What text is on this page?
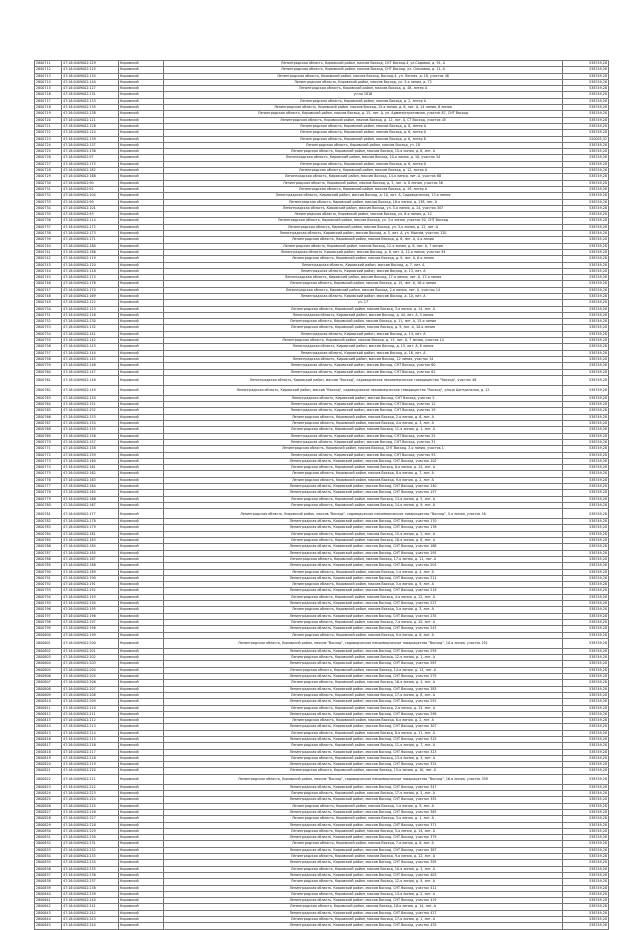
2800711	47:16:0409002:129	Кировский	Ленинградская область, Кировский район, массив Восход, СНТ Восход-4, ул.Садовая, д. 91, А	538749,28
2800712	47:16:0409002:125	Кировский	Ленинградская область, Кировский район, массив Восход, СНТ Восход, ул. Ольховая, д. 11, А	538749,28
2800713	47:16:0409002:134	Кировский	Ленинградская область, Кировский район, массив Восход, Восход-4, ул. Лесная, д. 18, участок 48	538749,28
2800714	47:16:0409002:140	Кировский	Ленинградская область, Кировский район, массив Восход, ул. 5-я линия, д. 72	538749,28
2800715	47:16:0409002:127	Кировский	Ленинградская область, Кировский район, массив Восход, д. 48, литер А	538749,28
2800716	47:16:0409002:131	Кировский	уч.по 1818	538749,28
2800717	47:16:0409002:133	Кировский	Ленинградская область, Кировский район, массив Восход, д. 2, литер А	538749,28
2800718	47:16:0409002:135	Кировский	Ленинградская область, Кировский район, массив Восход, 15-я линия, д. 6, лит. А, 14 линия, 6 линия	538749,28
2800719	47:16:0409002:138	Кировский	Ленинградская область, Кировский район, массив Восход, д. 15, лит. А, ул. Административная, участок 87, СНТ Восход	538749,28
2800720	47:16:0409002:121	Кировский	Ленинградская область, Кировский район, массив Восход, д. 12, лит. А, СТ Восход, участок 45	538749,28
2800721	47:16:0409002:128	Кировский	Ленинградская область, Кировский район, массив Восход, д. 8, литер А	538749,28
2800722	47:16:0409002:124	Кировский	Ленинградская область, Кировский район, массив Восход, д. 6, литер А	538749,28
2800723	47:16:0409002:139	Кировский	Ленинградская область, Кировский район, массив Восход, д. 6, литер Б	220035,32
2800724	47:16:0409002:137	Кировский	Ленинградская область, Кировский район, массив Восход, уч. 18	538749,28
2800725	47:16:0409002:136	Кировский	Ленинградская область, Кировский район, массив Восход, 15-я линия, д. 6, лит. А	538749,28
2800726	47:16:0409002:97	Кировский	Ленинградская область, Кировский район, массив Восход, 10-я линия, д. 10, участок 34	538749,28
2800727	47:16:0409002:175	Кировский	Ленинградская область, Кировский район, массив Восход, д. 6, литер А	538749,28
2800728	47:16:0409002:182	Кировский	Ленинградская область, Кировский район, массив Восход, д. 12, литер А	538749,28
2800729	47:16:0409002:168	Кировский	Ленинградская область, Кировский район, массив Восход, 14-я линия, лит. А, участок 68	538749,28
2800730	47:16:0409002:90	Кировский	Ленинградская область, Кировский район, массив Восход, д. 5, лит. А, 8 линия, участок 56	538749,28
2800731	47:16:0409002:92	Кировский	Ленинградская область, Кировский район, массив Восход, д. 19, литер А	538749,28
2800732	47:16:0409002:104	Кировский	Ленинградская область, Кировский район, массив Восход, д. 10, лит. А, Садоводческая, 13-я линия	538749,28
2800733	47:16:0409002:99	Кировский	Ленинградская область, Кировский район, массив Восход, 16-я линия, д. 138, лит. А	538749,28
2800734	47:16:0409002:101	Кировский	Ленинградская область, Кировский район, массив Восход, ул. 5-я линия, д. 14, участок 307	538749,28
2800735	47:16:0409002:93	Кировский	Ленинградская область, Кировский район, массив Восход, ул. 6-я линия, д. 12	538749,28
2800736	47:16:0409002:114	Кировский	Ленинградская область, Кировский район, массив Восход, ул. 3-я линия, участок 50, СНТ Восход	538749,28
2800737	47:16:0409002:172	Кировский	Ленинградская область, Кировский район, массив Восход, ул. 3-я линия, д. 12, лит. А	538749,28
2800738	47:16:0409002:173	Кировский	Ленинградская область, Кировский район, массив Восход, д. 5, лит. А, ул. Массив, участок 120	538749,28
2800739	47:16:0409002:171	Кировский	Ленинградская область, Кировский район, массив Восход, д. 6, лит. А, 4-я линия	538749,28
2800740	47:16:0409002:180	Кировский	Ленинградская область, Кировский район, массив Восход, 12-я линия, д. 6, лит. А, 7 линия	538749,28
2800741	47:16:0409002:186	Кировский	Ленинградская область, Кировский район, массив Восход, д. 8, лит. А, 12-я линия, участок 94	538749,28
2800742	47:16:0409002:119	Кировский	Ленинградская область, Кировский район, массив Восход, д. 9, лит. А, 6-я линия	538749,28
2800743	47:16:0409002:120	Кировский	Ленинградская область, Кировский район, массив Восход, д. 7, лит. А	538749,28
2800744	47:16:0409002:118	Кировский	Ленинградская область, Кировский район, массив Восход, д. 13, лит. А	538749,28
2800745	47:16:0409002:174	Кировский	Ленинградская область, Кировский район, массив Восход, 17-я линия, лит. А, 17-я линия	538749,28
2800746	47:16:0409002:176	Кировский	Ленинградская область, Кировский район, массив Восход, д. 15, лит. А, 16-я линия	538749,28
2800747	47:16:0409002:170	Кировский	Ленинградская область, Кировский район, массив Восход, 2-я линия, лит. А, участок 14	538749,28
2800748	47:16:0409002:169	Кировский	Ленинградская область, Кировский район, массив Восход, д. 10, лит. А	538749,28
2800749	47:16:0409002:122	Кировский	уч. 17	538749,28
2800750	47:16:0409002:123	Кировский	Ленинградская область, Кировский район, массив Восход, 3-я линия, д. 14, лит. А	538749,28
2800751	47:16:0409002:126	Кировский	Ленинградская область, Кировский район, массив Восход, д. 44, лит. А, 3 линия	538749,28
2800752	47:16:0409002:130	Кировский	Ленинградская область, Кировский район, массив Восход, д. 11, лит. А, 15-я линия	538749,28
2800753	47:16:0409002:132	Кировский	Ленинградская область, Кировский район, массив Восход, д. 9, лит. А, 10-я линия	538749,28
2800754	47:16:0409002:141	Кировский	Ленинградская область, Кировский район, массив Восход, д. 14, лит. А	538749,28
2800755	47:16:0409002:142	Кировский	Ленинградская область, Кировский район, массив Восход, д. 13, лит. А, 7 линия, участок 14	538749,28
2800756	47:16:0409002:143	Кировский	Ленинградская область, Кировский район, массив Восход, д. 15, лит. А, 8 линия	538749,28
2800757	47:16:0409002:144	Кировский	Ленинградская область, Кировский район, массив Восход, д. 16, лит. А	538749,28
2800758	47:16:0409002:145	Кировский	Ленинградская область, Кировский район, массив Восход, 12 линия, участок 14	538749,28
2800759	47:16:0409002:146	Кировский	Ленинградская область, Кировский район, массив Восход, СНТ Восход, участок 60	538749,28
2800760	47:16:0409002:147	Кировский	Ленинградская область, Кировский район, массив Восход, СНТ Восход, участок 61	538749,28
2800761	47:16:0409002:148	Кировский	Ленинградская область, Кировский район, массив "Восход", садоводческое некоммерческое товарищество "Восход", участок 48	538749,28
2800762	47:16:0409002:149	Кировский	Ленинградская область, Кировский район, массив "Восход", садоводческое некоммерческое товарищество "Восход", улица Центральная, д. 12	538749,28
2800763	47:16:0409002:150	Кировский	Ленинградская область, Кировский район, массив Восход, СНТ Восход, участок 5	538749,28
2800764	47:16:0409002:151	Кировский	Ленинградская область, Кировский район, массив Восход, СНТ Восход, участок 12	538749,28
2800765	47:16:0409002:152	Кировский	Ленинградская область, Кировский район, массив Восход, СНТ Восход, участок 19	538749,28
2800766	47:16:0409002:153	Кировский	Ленинградская область, Кировский район, массив Восход, 2-я линия, д. 6, лит. А	538749,28
2800767	47:16:0409002:154	Кировский	Ленинградская область, Кировский район, массив Восход, 4-я линия, д. 3, лит. А	538749,28
2800768	47:16:0409002:155	Кировский	Ленинградская область, Кировский район, массив Восход, 11-я линия, д. 1, лит. А	538749,28
2800769	47:16:0409002:156	Кировский	Ленинградская область, Кировский район, массив Восход, СНТ Восход, участок 25	538749,28
2800770	47:16:0409002:157	Кировский	Ленинградская область, Кировский район, массив Восход, СНТ Восход, участок 31	538749,28
2800771	47:16:0409002:158	Кировский	Ленинградская область, Кировский район, массив Восход, СНТ Восход, 3-я линия, участок 1	538749,28
2800772	47:16:0409002:159	Кировский	Ленинградская область, Кировский район, массив Восход, СНТ Восход, участок 93	538749,28
2800773	47:16:0409002:160	Кировский	Ленинградская область, Кировский район, массив Восход, СНТ Восход, участок 102	538749,28
2800774	47:16:0409002:161	Кировский	Ленинградская область, Кировский район, массив Восход, 6-я линия, д. 14, лит. А	538749,28
2800775	47:16:0409002:162	Кировский	Ленинградская область, Кировский район, массив Восход, 8-я линия, д. 7, лит. А	538749,28
2800776	47:16:0409002:163	Кировский	Ленинградская область, Кировский район, массив Восход, 9-я линия, д. 2, лит. А	538749,28
2800777	47:16:0409002:164	Кировский	Ленинградская область, Кировский район, массив Восход, СНТ Восход, участок 140	538749,28
2800778	47:16:0409002:165	Кировский	Ленинградская область, Кировский район, массив Восход, СНТ Восход, участок 157	538749,28
2800779	47:16:0409002:166	Кировский	Ленинградская область, Кировский район, массив Восход, 13-я линия, д. 5, лит. А	538749,28
2800780	47:16:0409002:167	Кировский	Ленинградская область, Кировский район, массив Восход, 14-я линия, д. 9, лит. А	538749,28
2800781	47:16:0409002:177	Кировский	Ленинградская область, Кировский район, массив "Восход", садоводческое некоммерческое товарищество "Восход", 5-я линия, участок 16	538749,28
2800782	47:16:0409002:178	Кировский	Ленинградская область, Кировский район, массив Восход, СНТ Восход, участок 170	538749,28
2800783	47:16:0409002:179	Кировский	Ленинградская область, Кировский район, массив Восход, СНТ Восход, участок 176	538749,28
2800784	47:16:0409002:181	Кировский	Ленинградская область, Кировский район, массив Восход, 15-я линия, д. 2, лит. А	538749,28
2800785	47:16:0409002:183	Кировский	Ленинградская область, Кировский район, массив Восход, 16-я линия, д. 8, лит. А	538749,28
2800786	47:16:0409002:184	Кировский	Ленинградская область, Кировский район, массив Восход, СНТ Восход, участок 188	538749,28
2800787	47:16:0409002:185	Кировский	Ленинградская область, Кировский район, массив Восход, СНТ Восход, участок 195	538749,28
2800788	47:16:0409002:187	Кировский	Ленинградская область, Кировский район, массив Восход, 17-я линия, д. 11, лит. А	538749,28
2800789	47:16:0409002:188	Кировский	Ленинградская область, Кировский район, массив Восход, СНТ Восход, участок 203	538749,28
2800790	47:16:0409002:189	Кировский	Ленинградская область, Кировский район, массив Восход, 1-я линия, д. 4, лит. А	538749,28
2800791	47:16:0409002:190	Кировский	Ленинградская область, Кировский район, массив Восход, СНТ Восход, участок 211	538749,28
2800792	47:16:0409002:191	Кировский	Ленинградская область, Кировский район, массив Восход, 3-я линия, д. 9, лит. А	538749,28
2800793	47:16:0409002:192	Кировский	Ленинградская область, Кировский район, массив Восход, СНТ Восход, участок 219	538749,28
2800794	47:16:0409002:193	Кировский	Ленинградская область, Кировский район, массив Восход, 4-я линия, д. 12, лит. А	538749,28
2800795	47:16:0409002:194	Кировский	Ленинградская область, Кировский район, массив Восход, СНТ Восход, участок 227	538749,28
2800796	47:16:0409002:195	Кировский	Ленинградская область, Кировский район, массив Восход, 5-я линия, д. 3, лит. А	538749,28
2800797	47:16:0409002:196	Кировский	Ленинградская область, Кировский район, массив Восход, СНТ Восход, участок 235	538749,28
2800798	47:16:0409002:197	Кировский	Ленинградская область, Кировский район, массив Восход, 7-я линия, д. 10, лит. А	538749,28
2800799	47:16:0409002:198	Кировский	Ленинградская область, Кировский район, массив Восход, СНТ Восход, участок 243	538749,28
2800800	47:16:0409002:199	Кировский	Ленинградская область, Кировский район, массив Восход, 9-я линия, д. 6, лит. А	538749,28
2800801	47:16:0409002:200	Кировский	Ленинградская область, Кировский район, массив "Восход", садоводческое некоммерческое товарищество "Восход", 10-я линия, участок 251	538749,28
2800802	47:16:0409002:201	Кировский	Ленинградская область, Кировский район, массив Восход, СНТ Восход, участок 259	538749,28
2800803	47:16:0409002:202	Кировский	Ленинградская область, Кировский район, массив Восход, 12-я линия, д. 1, лит. А	538749,28
2800804	47:16:0409002:203	Кировский	Ленинградская область, Кировский район, массив Восход, СНТ Восход, участок 267	538749,28
2800805	47:16:0409002:204	Кировский	Ленинградская область, Кировский район, массив Восход, 14-я линия, д. 13, лит. А	538749,28
2800806	47:16:0409002:205	Кировский	Ленинградская область, Кировский район, массив Восход, СНТ Восход, участок 275	538749,28
2800807	47:16:0409002:206	Кировский	Ленинградская область, Кировский район, массив Восход, 16-я линия, д. 4, лит. А	538749,28
2800808	47:16:0409002:207	Кировский	Ленинградская область, Кировский район, массив Восход, СНТ Восход, участок 283	538749,28
2800809	47:16:0409002:208	Кировский	Ленинградская область, Кировский район, массив Восход, 17-я линия, д. 8, лит. А	538749,28
2800810	47:16:0409002:209	Кировский	Ленинградская область, Кировский район, массив Восход, СНТ Восход, участок 291	538749,28
2800811	47:16:0409002:210	Кировский	Ленинградская область, Кировский район, массив Восход, 2-я линия, д. 15, лит. А	538749,28
2800812	47:16:0409002:211	Кировский	Ленинградская область, Кировский район, массив Восход, СНТ Восход, участок 299	538749,28
2800813	47:16:0409002:212	Кировский	Ленинградская область, Кировский район, массив Восход, 6-я линия, д. 2, лит. А	538749,28
2800814	47:16:0409002:213	Кировский	Ленинградская область, Кировский район, массив Восход, СНТ Восход, участок 307	538749,28
2800815	47:16:0409002:214	Кировский	Ленинградская область, Кировский район, массив Восход, 8-я линия, д. 11, лит. А	538749,28
2800816	47:16:0409002:215	Кировский	Ленинградская область, Кировский район, массив Восход, СНТ Восход, участок 315	538749,28
2800817	47:16:0409002:216	Кировский	Ленинградская область, Кировский район, массив Восход, 11-я линия, д. 7, лит. А	538749,28
2800818	47:16:0409002:217	Кировский	Ленинградская область, Кировский район, массив Восход, СНТ Восход, участок 323	538749,28
2800819	47:16:0409002:218	Кировский	Ленинградская область, Кировский район, массив Восход, 13-я линия, д. 3, лит. А	538749,28
2800820	47:16:0409002:219	Кировский	Ленинградская область, Кировский район, массив Восход, СНТ Восход, участок 331	538749,28
2800821	47:16:0409002:220	Кировский	Ленинградская область, Кировский район, массив Восход, 15-я линия, д. 10, лит. А	538749,28
2800822	47:16:0409002:221	Кировский	Ленинградская область, Кировский район, массив "Восход", садоводческое некоммерческое товарищество "Восход", 16-я линия, участок 339	538749,28
2800823	47:16:0409002:222	Кировский	Ленинградская область, Кировский район, массив Восход, СНТ Восход, участок 347	538749,28
2800824	47:16:0409002:223	Кировский	Ленинградская область, Кировский район, массив Восход, 17-я линия, д. 5, лит. А	538749,28
2800825	47:16:0409002:224	Кировский	Ленинградская область, Кировский район, массив Восход, СНТ Восход, участок 355	538749,28
2800826	47:16:0409002:225	Кировский	Ленинградская область, Кировский район, массив Восход, 1-я линия, д. 9, лит. А	538749,28
2800827	47:16:0409002:226	Кировский	Ленинградская область, Кировский район, массив Восход, СНТ Восход, участок 363	538749,28
2800828	47:16:0409002:227	Кировский	Ленинградская область, Кировский район, массив Восход, 3-я линия, д. 1, лит. А	538749,28
2800829	47:16:0409002:228	Кировский	Ленинградская область, Кировский район, массив Восход, СНТ Восход, участок 371	538749,28
2800830	47:16:0409002:229	Кировский	Ленинградская область, Кировский район, массив Восход, 5-я линия, д. 14, лит. А	538749,28
2800831	47:16:0409002:230	Кировский	Ленинградская область, Кировский район, массив Восход, СНТ Восход, участок 379	538749,28
2800832	47:16:0409002:231	Кировский	Ленинградская область, Кировский район, массив Восход, 7-я линия, д. 6, лит. А	538749,28
2800833	47:16:0409002:232	Кировский	Ленинградская область, Кировский район, массив Восход, СНТ Восход, участок 387	538749,28
2800834	47:16:0409002:233	Кировский	Ленинградская область, Кировский район, массив Восход, 9-я линия, д. 12, лит. А	538749,28
2800835	47:16:0409002:234	Кировский	Ленинградская область, Кировский район, массив Восход, СНТ Восход, участок 395	538749,28
2800836	47:16:0409002:235	Кировский	Ленинградская область, Кировский район, массив Восход, 10-я линия, д. 3, лит. А	538749,28
2800837	47:16:0409002:236	Кировский	Ленинградская область, Кировский район, массив Восход, СНТ Восход, участок 403	538749,28
2800838	47:16:0409002:237	Кировский	Ленинградская область, Кировский район, массив Восход, 12-я линия, д. 9, лит. А	538749,28
2800839	47:16:0409002:238	Кировский	Ленинградская область, Кировский район, массив Восход, СНТ Восход, участок 411	538749,28
2800840	47:16:0409002:239	Кировский	Ленинградская область, Кировский район, массив Восход, 14-я линия, д. 2, лит. А	538749,28
2800841	47:16:0409002:240	Кировский	Ленинградская область, Кировский район, массив Восход, СНТ Восход, участок 419	538749,28
2800842	47:16:0409002:241	Кировский	Ленинградская область, Кировский район, массив Восход, 16-я линия, д. 14, лит. А	538749,28
2800843	47:16:0409002:242	Кировский	Ленинградская область, Кировский район, массив Восход, СНТ Восход, участок 427	538749,28
2800844	47:16:0409002:243	Кировский	Ленинградская область, Кировский район, массив Восход, 17-я линия, д. 1, лит. А	538749,28
2800845	47:16:0409002:244	Кировский	Ленинградская область, Кировский район, массив Восход, СНТ Восход, участок 435	538749,28
